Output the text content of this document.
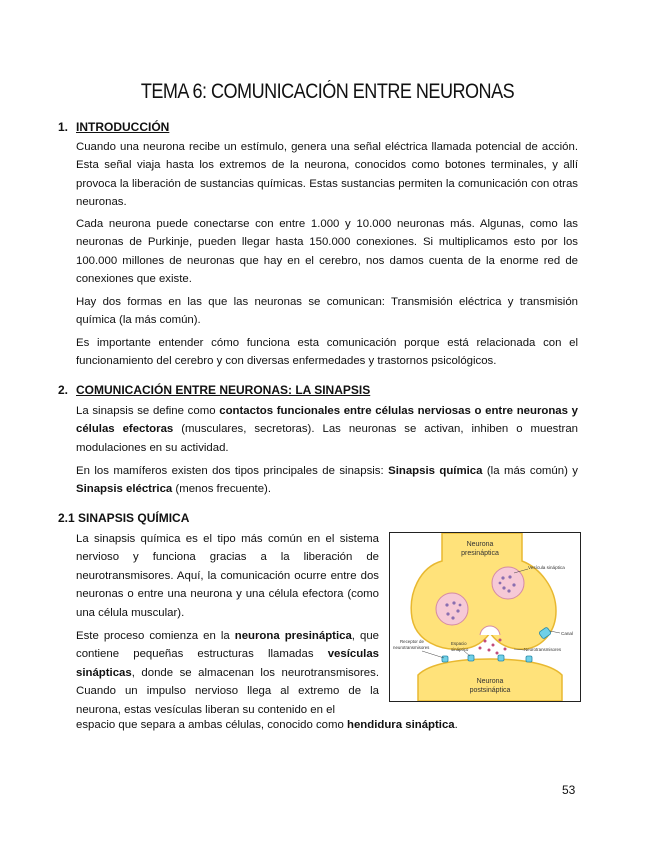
TEMA 6: COMUNICACIÓN ENTRE NEURONAS
1. INTRODUCCIÓN
Cuando una neurona recibe un estímulo, genera una señal eléctrica llamada potencial de acción. Esta señal viaja hasta los extremos de la neurona, conocidos como botones terminales, y allí provoca la liberación de sustancias químicas. Estas sustancias permiten la comunicación con otras neuronas.
Cada neurona puede conectarse con entre 1.000 y 10.000 neuronas más. Algunas, como las neuronas de Purkinje, pueden llegar hasta 150.000 conexiones. Si multiplicamos esto por los 100.000 millones de neuronas que hay en el cerebro, nos damos cuenta de la enorme red de conexiones que existe.
Hay dos formas en las que las neuronas se comunican: Transmisión eléctrica y transmisión química (la más común).
Es importante entender cómo funciona esta comunicación porque está relacionada con el funcionamiento del cerebro y con diversas enfermedades y trastornos psicológicos.
2. COMUNICACIÓN ENTRE NEURONAS: LA SINAPSIS
La sinapsis se define como contactos funcionales entre células nerviosas o entre neuronas y células efectoras (musculares, secretoras). Las neuronas se activan, inhiben o muestran modulaciones en su actividad.
En los mamíferos existen dos tipos principales de sinapsis: Sinapsis química (la más común) y Sinapsis eléctrica (menos frecuente).
2.1 SINAPSIS QUÍMICA
La sinapsis química es el tipo más común en el sistema nervioso y funciona gracias a la liberación de neurotransmisores. Aquí, la comunicación ocurre entre dos neuronas o entre una neurona y una célula efectora (como una célula muscular).
Este proceso comienza en la neurona presináptica, que contiene pequeñas estructuras llamadas vesículas sinápticas, donde se almacenan los neurotransmisores. Cuando un impulso nervioso llega al extremo de la neurona, estas vesículas liberan su contenido en el
espacio que separa a ambas células, conocido como hendidura sináptica.
Neurona
presináptica
Vesícula sináptica
Canal
Receptor de
neurotransmisores
Espacio
sináptico	Neurotransmisores
Neurona
postsináptica
53
